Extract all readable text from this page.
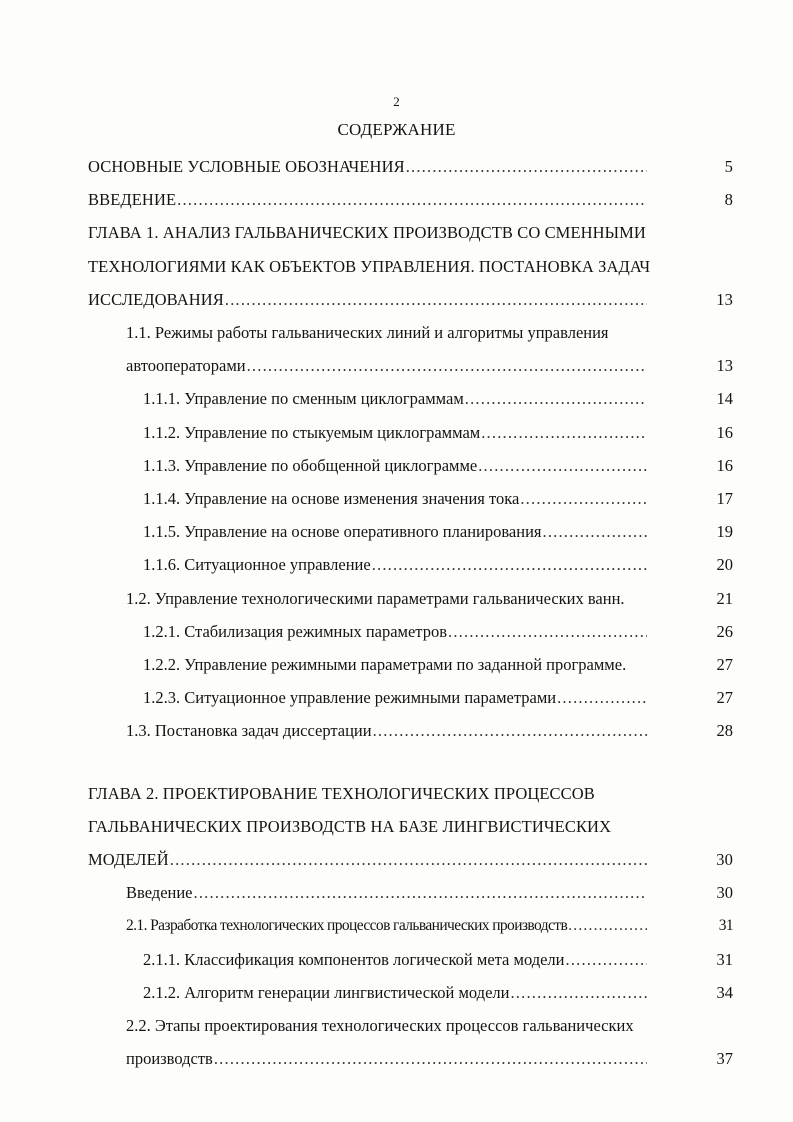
2
СОДЕРЖАНИЕ
ОСНОВНЫЕ УСЛОВНЫЕ ОБОЗНАЧЕНИЯ .....	5
ВВЕДЕНИЕ .....	8
ГЛАВА 1. АНАЛИЗ ГАЛЬВАНИЧЕСКИХ ПРОИЗВОДСТВ СО СМЕННЫМИ
ТЕХНОЛОГИЯМИ КАК ОБЪЕКТОВ УПРАВЛЕНИЯ. ПОСТАНОВКА ЗАДАЧ
ИССЛЕДОВАНИЯ .....	13
1.1. Режимы работы гальванических линий и алгоритмы управления
автооператорами .....	13
1.1.1. Управление по сменным циклограммам .....	14
1.1.2. Управление по стыкуемым циклограммам .....	16
1.1.3. Управление по обобщенной циклограмме .....	16
1.1.4. Управление на основе изменения значения тока .....	17
1.1.5. Управление на основе оперативного планирования .....	19
1.1.6. Ситуационное управление .....	20
1.2. Управление технологическими параметрами гальванических ванн.	21
1.2.1. Стабилизация режимных параметров .....	26
1.2.2. Управление режимными параметрами по заданной программе.	27
1.2.3. Ситуационное управление режимными параметрами .....	27
1.3. Постановка задач диссертации .....	28
ГЛАВА 2. ПРОЕКТИРОВАНИЕ ТЕХНОЛОГИЧЕСКИХ ПРОЦЕССОВ
ГАЛЬВАНИЧЕСКИХ ПРОИЗВОДСТВ НА БАЗЕ ЛИНГВИСТИЧЕСКИХ
МОДЕЛЕЙ .....	30
Введение .....	30
2.1. Разработка технологических процессов гальванических производств .....	31
2.1.1. Классификация компонентов логической мета модели .....	31
2.1.2. Алгоритм генерации лингвистической модели .....	34
2.2. Этапы проектирования технологических процессов гальванических
производств .....	37
